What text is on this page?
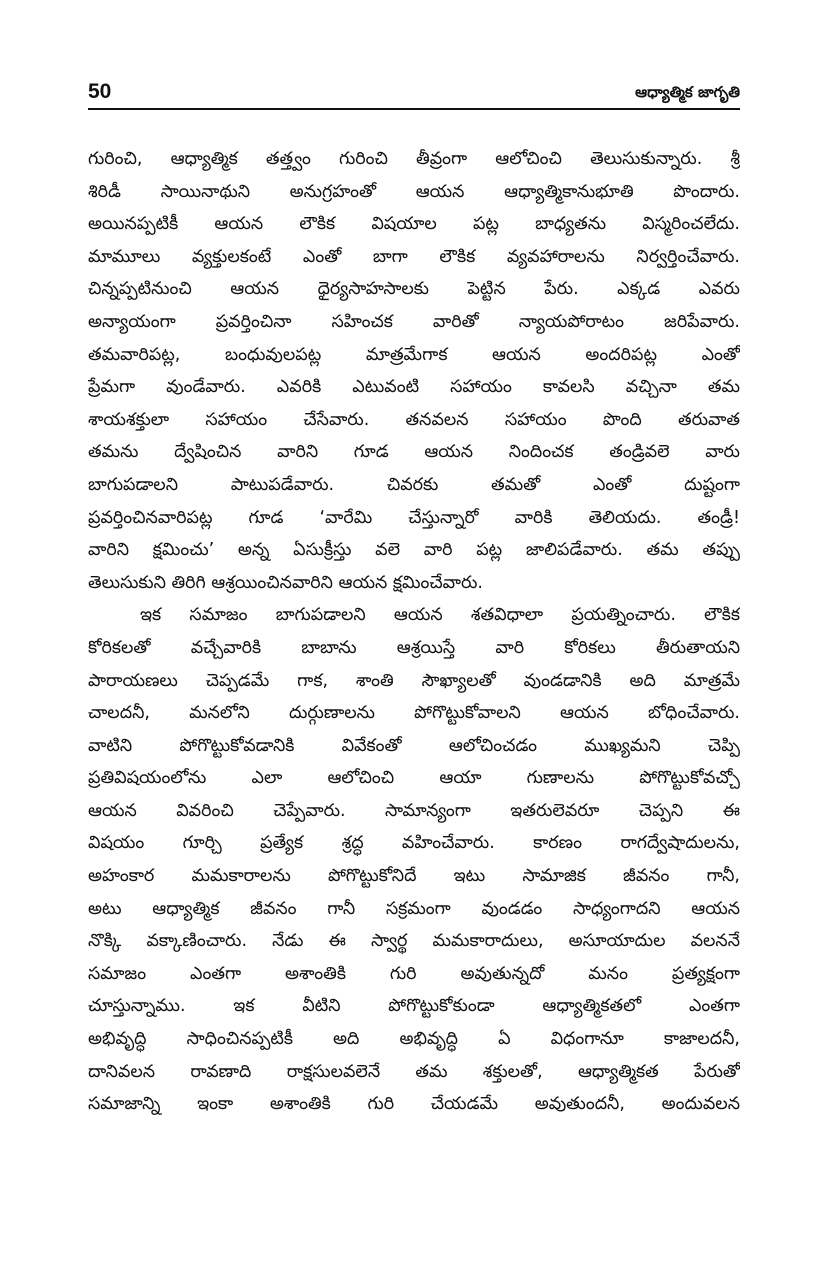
50	ఆధ్యాత్మిక జాగృతి
గురించి, ఆధ్యాత్మిక తత్త్వం గురించి తీవ్రంగా ఆలోచించి తెలుసుకున్నారు. శ్రీ
శిరిడీ సాయినాథుని అనుగ్రహంతో ఆయన ఆధ్యాత్మికానుభూతి పొందారు.
అయినప్పటికీ ఆయన లౌకిక విషయాల పట్ల బాధ్యతను విస్మరించలేదు.
మామూలు వ్యక్తులకంటే ఎంతో బాగా లౌకిక వ్యవహారాలను నిర్వర్తించేవారు.
చిన్నప్పటినుంచి ఆయన ధైర్యసాహసాలకు పెట్టిన పేరు. ఎక్కడ ఎవరు
అన్యాయంగా ప్రవర్తించినా సహించక వారితో న్యాయపోరాటం జరిపేవారు.
తమవారిపట్ల, బంధువులపట్ల మాత్రమేగాక ఆయన అందరిపట్ల ఎంతో
ప్రేమగా వుండేవారు. ఎవరికి ఎటువంటి సహాయం కావలసి వచ్చినా తమ
శాయశక్తులా సహాయం చేసేవారు. తనవలన సహాయం పొంది తరువాత
తమను ద్వేషించిన వారిని గూడ ఆయన నిందించక తండ్రివలె వారు
బాగుపడాలని పాటుపడేవారు. చివరకు తమతో ఎంతో దుష్టంగా
ప్రవర్తించినవారిపట్ల గూడ ‘వారేమి చేస్తున్నారో వారికి తెలియదు. తండ్రీ!
వారిని క్షమించు’ అన్న ఏసుక్రీస్తు వలె వారి పట్ల జాలిపడేవారు. తమ తప్పు
తెలుసుకుని తిరిగి ఆశ్రయించినవారిని ఆయన క్షమించేవారు.
ఇక సమాజం బాగుపడాలని ఆయన శతవిధాలా ప్రయత్నించారు. లౌకిక
కోరికలతో వచ్చేవారికి బాబాను ఆశ్రయిస్తే వారి కోరికలు తీరుతాయని
పారాయణలు చెప్పడమే గాక, శాంతి సౌఖ్యాలతో వుండడానికి అది మాత్రమే
చాలదనీ, మనలోని దుర్గుణాలను పోగొట్టుకోవాలని ఆయన బోధించేవారు.
వాటిని పోగొట్టుకోవడానికి వివేకంతో ఆలోచించడం ముఖ్యమని చెప్పి
ప్రతివిషయంలోను ఎలా ఆలోచించి ఆయా గుణాలను పోగొట్టుకోవచ్చో
ఆయన వివరించి చెప్పేవారు. సామాన్యంగా ఇతరులెవరూ చెప్పని ఈ
విషయం గూర్చి ప్రత్యేక శ్రద్ధ వహించేవారు. కారణం రాగద్వేషాదులను,
అహంకార మమకారాలను పోగొట్టుకోనిదే ఇటు సామాజిక జీవనం గానీ,
అటు ఆధ్యాత్మిక జీవనం గానీ సక్రమంగా వుండడం సాధ్యంగాదని ఆయన
నొక్కి వక్కాణించారు. నేడు ఈ స్వార్థ మమకారాదులు, అసూయాదుల వలననే
సమాజం ఎంతగా అశాంతికి గురి అవుతున్నదో మనం ప్రత్యక్షంగా
చూస్తున్నాము. ఇక వీటిని పోగొట్టుకోకుండా ఆధ్యాత్మికతలో ఎంతగా
అభివృద్ధి సాధించినప్పటికీ అది అభివృద్ధి ఏ విధంగానూ కాజాలదనీ,
దానివలన రావణాది రాక్షసులవలెనే తమ శక్తులతో, ఆధ్యాత్మికత పేరుతో
సమాజాన్ని ఇంకా అశాంతికి గురి చేయడమే అవుతుందనీ, అందువలన
